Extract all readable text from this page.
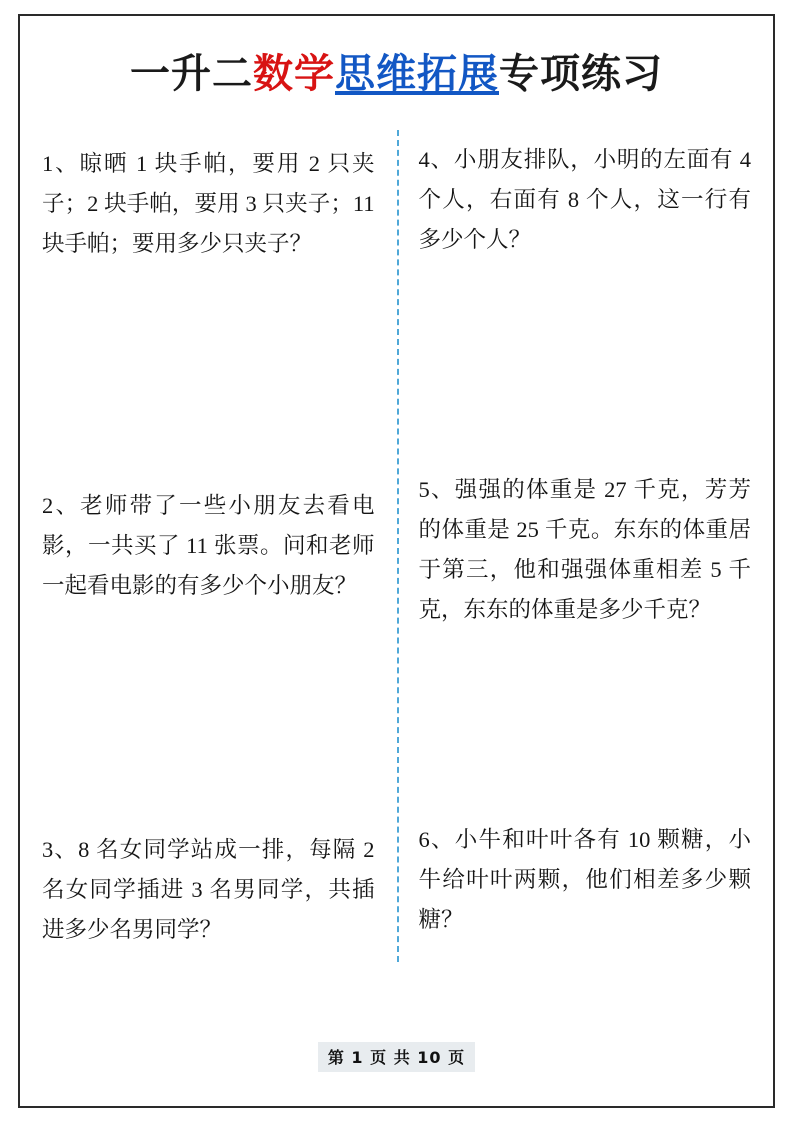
一升二数学思维拓展专项练习
1、晾晒 1 块手帕，要用 2 只夹子；2 块手帕，要用 3 只夹子；11 块手帕；要用多少只夹子？
2、老师带了一些小朋友去看电影，一共买了 11 张票。问和老师一起看电影的有多少个小朋友？
3、8 名女同学站成一排，每隔 2 名女同学插进 3 名男同学，共插进多少名男同学？
4、小朋友排队，小明的左面有 4 个人，右面有 8 个人，这一行有多少个人？
5、强强的体重是 27 千克，芳芳的体重是 25 千克。东东的体重居于第三，他和强强体重相差 5 千克，东东的体重是多少千克？
6、小牛和叶叶各有 10 颗糖，小牛给叶叶两颗，他们相差多少颗糖？
第 1 页 共 10 页
